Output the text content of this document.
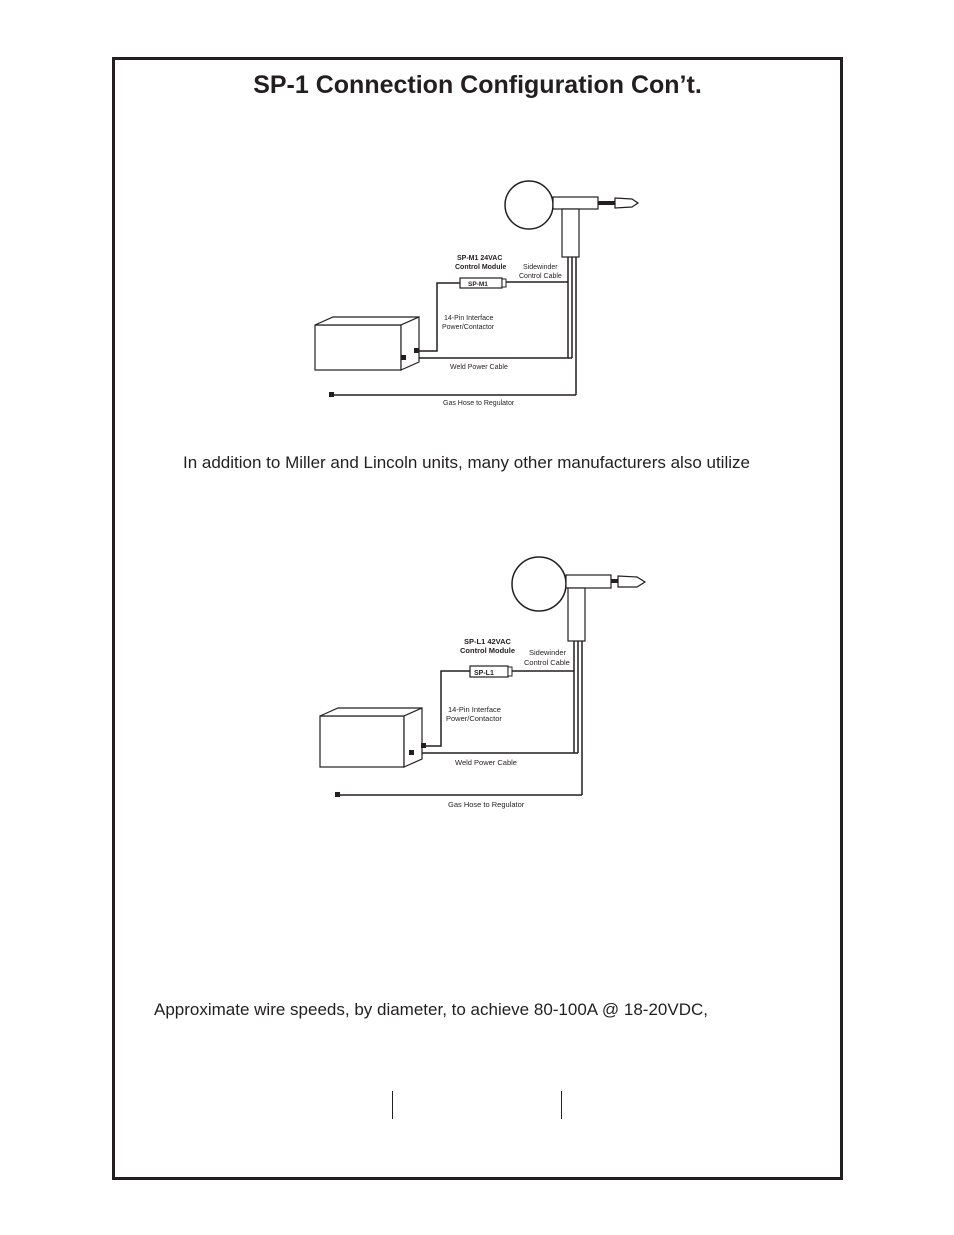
SP-1 Connection Configuration Con’t.
SP-M1 24VAC
Control Module
SP-M1
Sidewinder
Control Cable
14-Pin Interface
Power/Contactor
Weld Power Cable
Gas Hose to Regulator

In addition to Miller and Lincoln units, many other manufacturers also utilize

SP-L1 42VAC
Control Module
SP-L1
Sidewinder
Control Cable
14-Pin Interface
Power/Contactor
Weld Power Cable
Gas Hose to Regulator

Approximate wire speeds, by diameter, to achieve 80-100A @ 18-20VDC,
